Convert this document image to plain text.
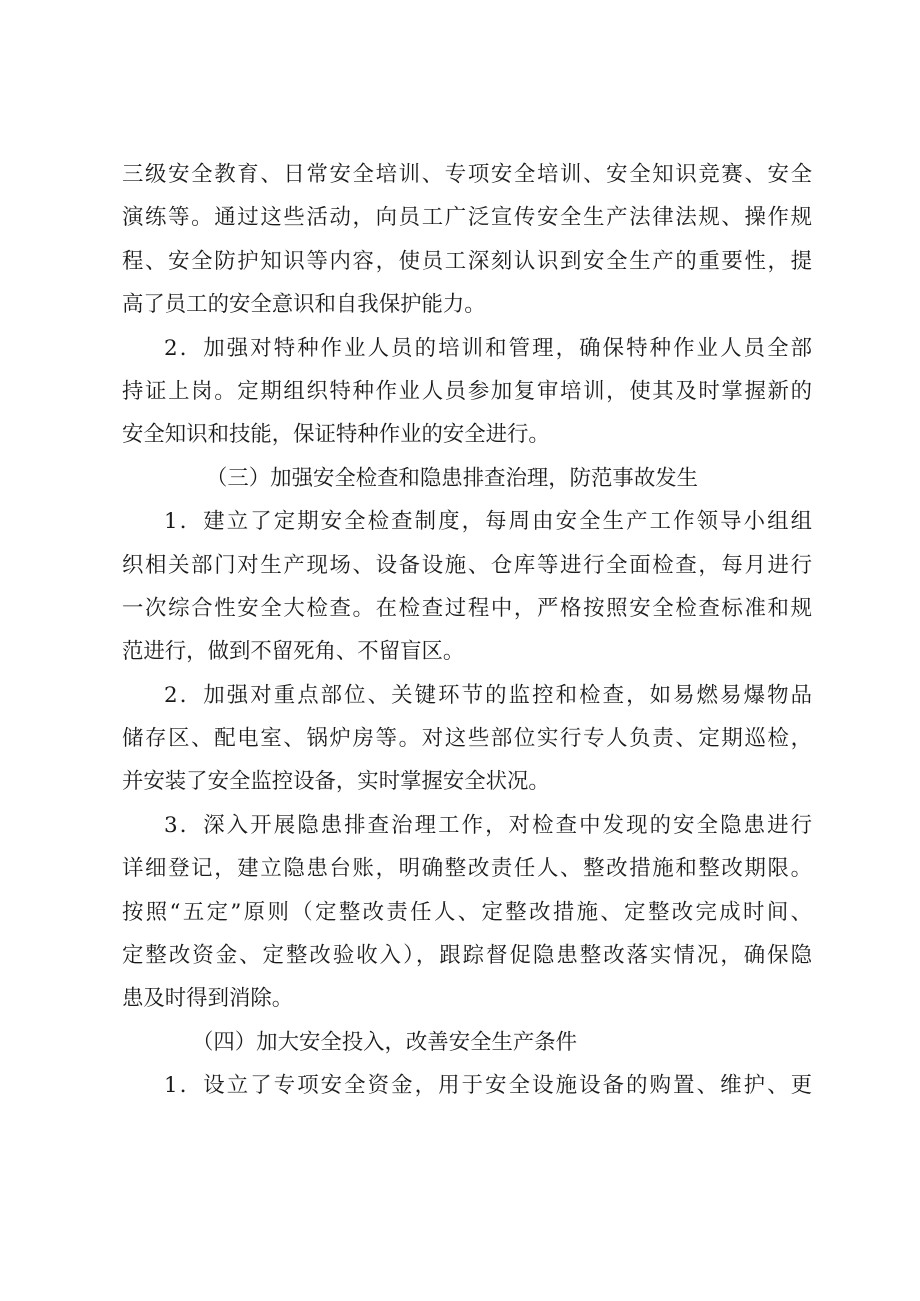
三级安全教育、日常安全培训、专项安全培训、安全知识竞赛、安全
演练等。通过这些活动，向员工广泛宣传安全生产法律法规、操作规
程、安全防护知识等内容，使员工深刻认识到安全生产的重要性，提
高了员工的安全意识和自我保护能力。
2．加强对特种作业人员的培训和管理，确保特种作业人员全部
持证上岗。定期组织特种作业人员参加复审培训，使其及时掌握新的
安全知识和技能，保证特种作业的安全进行。
（三）加强安全检查和隐患排查治理，防范事故发生
1．建立了定期安全检查制度，每周由安全生产工作领导小组组
织相关部门对生产现场、设备设施、仓库等进行全面检查，每月进行
一次综合性安全大检查。在检查过程中，严格按照安全检查标准和规
范进行，做到不留死角、不留盲区。
2．加强对重点部位、关键环节的监控和检查，如易燃易爆物品
储存区、配电室、锅炉房等。对这些部位实行专人负责、定期巡检，
并安装了安全监控设备，实时掌握安全状况。
3．深入开展隐患排查治理工作，对检查中发现的安全隐患进行
详细登记，建立隐患台账，明确整改责任人、整改措施和整改期限。
按照“五定”原则（定整改责任人、定整改措施、定整改完成时间、
定整改资金、定整改验收入），跟踪督促隐患整改落实情况，确保隐
患及时得到消除。
（四）加大安全投入，改善安全生产条件
1．设立了专项安全资金，用于安全设施设备的购置、维护、更
